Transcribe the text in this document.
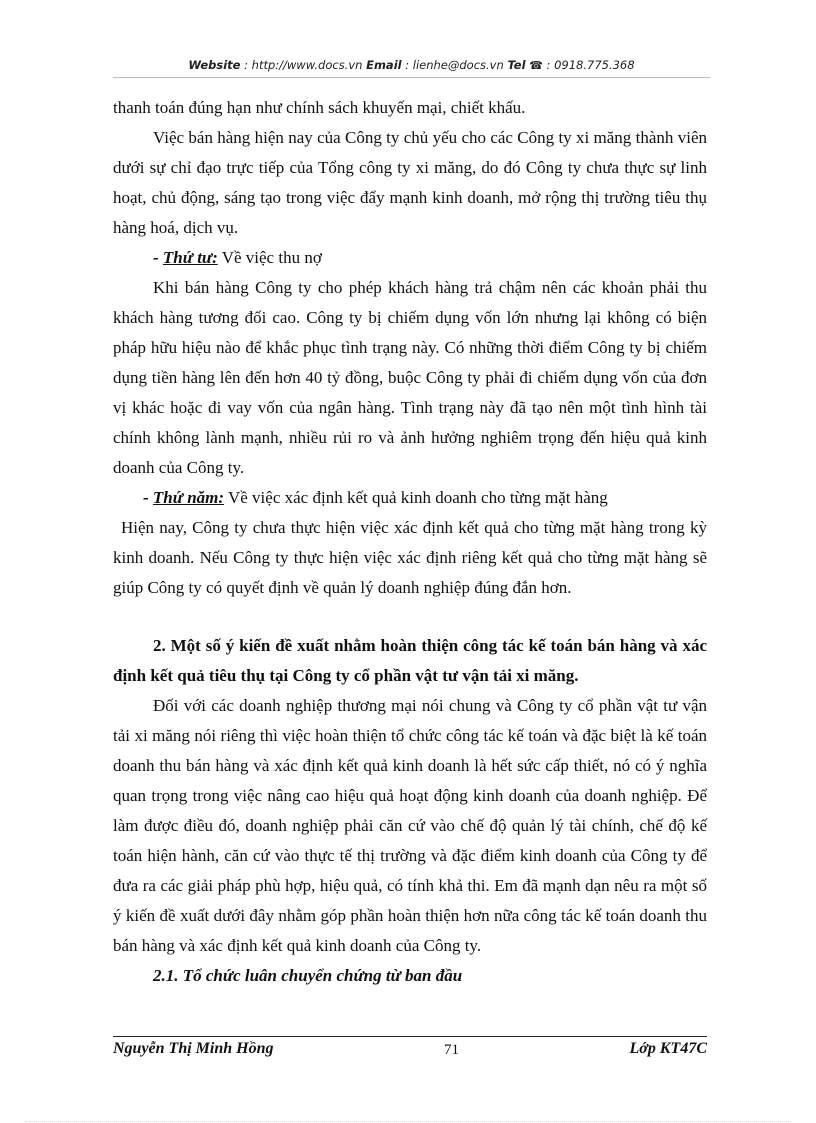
Website : http://www.docs.vn Email : lienhe@docs.vn Tel ☎ : 0918.775.368

thanh toán đúng hạn như chính sách khuyến mại, chiết khấu.

Việc bán hàng hiện nay của Công ty chủ yếu cho các Công ty xi măng thành viên dưới sự chỉ đạo trực tiếp của Tổng công ty xi măng, do đó Công ty chưa thực sự linh hoạt, chủ động, sáng tạo trong việc đẩy mạnh kinh doanh, mở rộng thị trường tiêu thụ hàng hoá, dịch vụ.

- Thứ tư: Về việc thu nợ

Khi bán hàng Công ty cho phép khách hàng trả chậm nên các khoản phải thu khách hàng tương đối cao. Công ty bị chiếm dụng vốn lớn nhưng lại không có biện pháp hữu hiệu nào để khắc phục tình trạng này. Có những thời điểm Công ty bị chiếm dụng tiền hàng lên đến hơn 40 tỷ đồng, buộc Công ty phải đi chiếm dụng vốn của đơn vị khác hoặc đi vay vốn của ngân hàng. Tình trạng này đã tạo nên một tình hình tài chính không lành mạnh, nhiều rủi ro và ảnh hưởng nghiêm trọng đến hiệu quả kinh doanh của Công ty.

- Thứ năm: Về việc xác định kết quả kinh doanh cho từng mặt hàng

Hiện nay, Công ty chưa thực hiện việc xác định kết quả cho từng mặt hàng trong kỳ kinh doanh. Nếu Công ty thực hiện việc xác định riêng kết quả cho từng mặt hàng sẽ giúp Công ty có quyết định về quản lý doanh nghiệp đúng đắn hơn.

2. Một số ý kiến đề xuất nhằm hoàn thiện công tác kế toán bán hàng và xác định kết quả tiêu thụ tại Công ty cổ phần vật tư vận tải xi măng.

Đối với các doanh nghiệp thương mại nói chung và Công ty cổ phần vật tư vận tải xi măng nói riêng thì việc hoàn thiện tổ chức công tác kế toán và đặc biệt là kế toán doanh thu bán hàng và xác định kết quả kinh doanh là hết sức cấp thiết, nó có ý nghĩa quan trọng trong việc nâng cao hiệu quả hoạt động kinh doanh của doanh nghiệp. Để làm được điều đó, doanh nghiệp phải căn cứ vào chế độ quản lý tài chính, chế độ kế toán hiện hành, căn cứ vào thực tế thị trường và đặc điểm kinh doanh của Công ty để đưa ra các giải pháp phù hợp, hiệu quả, có tính khả thi. Em đã mạnh dạn nêu ra một số ý kiến đề xuất dưới đây nhằm góp phần hoàn thiện hơn nữa công tác kế toán doanh thu bán hàng và xác định kết quả kinh doanh của Công ty.

2.1. Tổ chức luân chuyển chứng từ ban đầu

Nguyễn Thị Minh Hồng	71	Lớp KT47C
